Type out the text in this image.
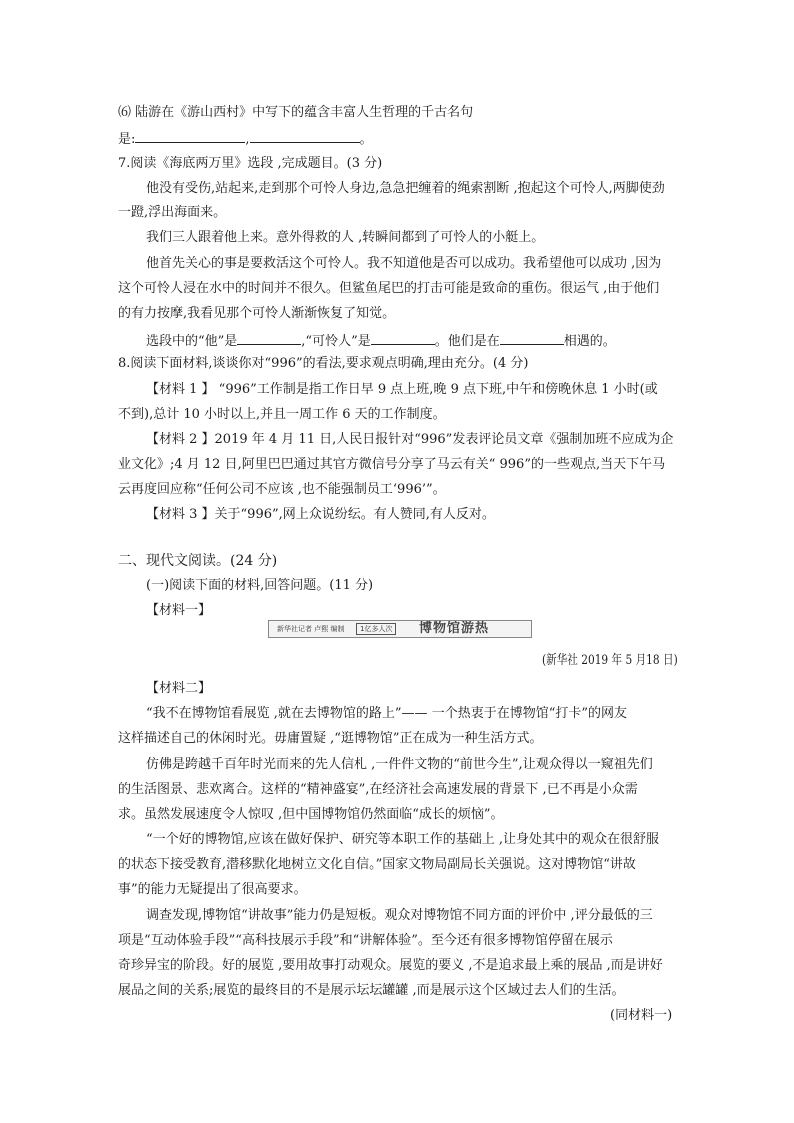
⑹ 陆游在《游山西村》中写下的蕴含丰富人生哲理的千古名句
是:	,	。
7.阅读《海底两万里》选段 ,完成题目。(3 分)
他没有受伤,站起来,走到那个可怜人身边,急急把缠着的绳索割断 ,抱起这个可怜人,两脚使劲
一蹬,浮出海面来。
我们三人跟着他上来。意外得救的人 ,转瞬间都到了可怜人的小艇上。
他首先关心的事是要救活这个可怜人。我不知道他是否可以成功。我希望他可以成功 ,因为
这个可怜人浸在水中的时间并不很久。但鲨鱼尾巴的打击可能是致命的重伤。很运气 ,由于他们
的有力按摩,我看见那个可怜人渐渐恢复了知觉。
选段中的“他”是	,“可怜人”是	。他们是在	相遇的。
8.阅读下面材料,谈谈你对“996”的看法,要求观点明确,理由充分。(4 分)
【材料 1 】 “996”工作制是指工作日早 9 点上班,晚 9 点下班,中午和傍晚休息 1 小时(或
不到),总计 10 小时以上,并且一周工作 6 天的工作制度。
【材料 2 】2019 年 4 月 11 日,人民日报针对“996”发表评论员文章《强制加班不应成为企
业文化》;4 月 12 日,阿里巴巴通过其官方微信号分享了马云有关“ 996”的一些观点,当天下午马
云再度回应称“任何公司不应该 ,也不能强制员工‘996’”。
【材料 3 】关于“996”,网上众说纷纭。有人赞同,有人反对。
二、现代文阅读。(24 分)
(一)阅读下面的材料,回答问题。(11 分)
【材料一】
新华社记者 卢熙 编制	1亿多人次	博物馆游热
(新华社 2019 年 5 月18 日)
【材料二】
“我不在博物馆看展览 ,就在去博物馆的路上”—— 一个热衷于在博物馆“打卡”的网友
这样描述自己的休闲时光。毋庸置疑 ,“逛博物馆”正在成为一种生活方式。
仿佛是跨越千百年时光而来的先人信札 ,一件件文物的“前世今生”,让观众得以一窥祖先们
的生活图景、悲欢离合。这样的“精神盛宴”,在经济社会高速发展的背景下 ,已不再是小众需
求。虽然发展速度令人惊叹 ,但中国博物馆仍然面临“成长的烦恼”。
“一个好的博物馆,应该在做好保护、研究等本职工作的基础上 ,让身处其中的观众在很舒服
的状态下接受教育,潜移默化地树立文化自信。”国家文物局副局长关强说。这对博物馆“讲故
事”的能力无疑提出了很高要求。
调查发现,博物馆“讲故事”能力仍是短板。观众对博物馆不同方面的评价中 ,评分最低的三
项是“互动体验手段”“高科技展示手段”和“讲解体验”。至今还有很多博物馆停留在展示
奇珍异宝的阶段。好的展览 ,要用故事打动观众。展览的要义 ,不是追求最上乘的展品 ,而是讲好
展品之间的关系;展览的最终目的不是展示坛坛罐罐 ,而是展示这个区域过去人们的生活。
(同材料一)
